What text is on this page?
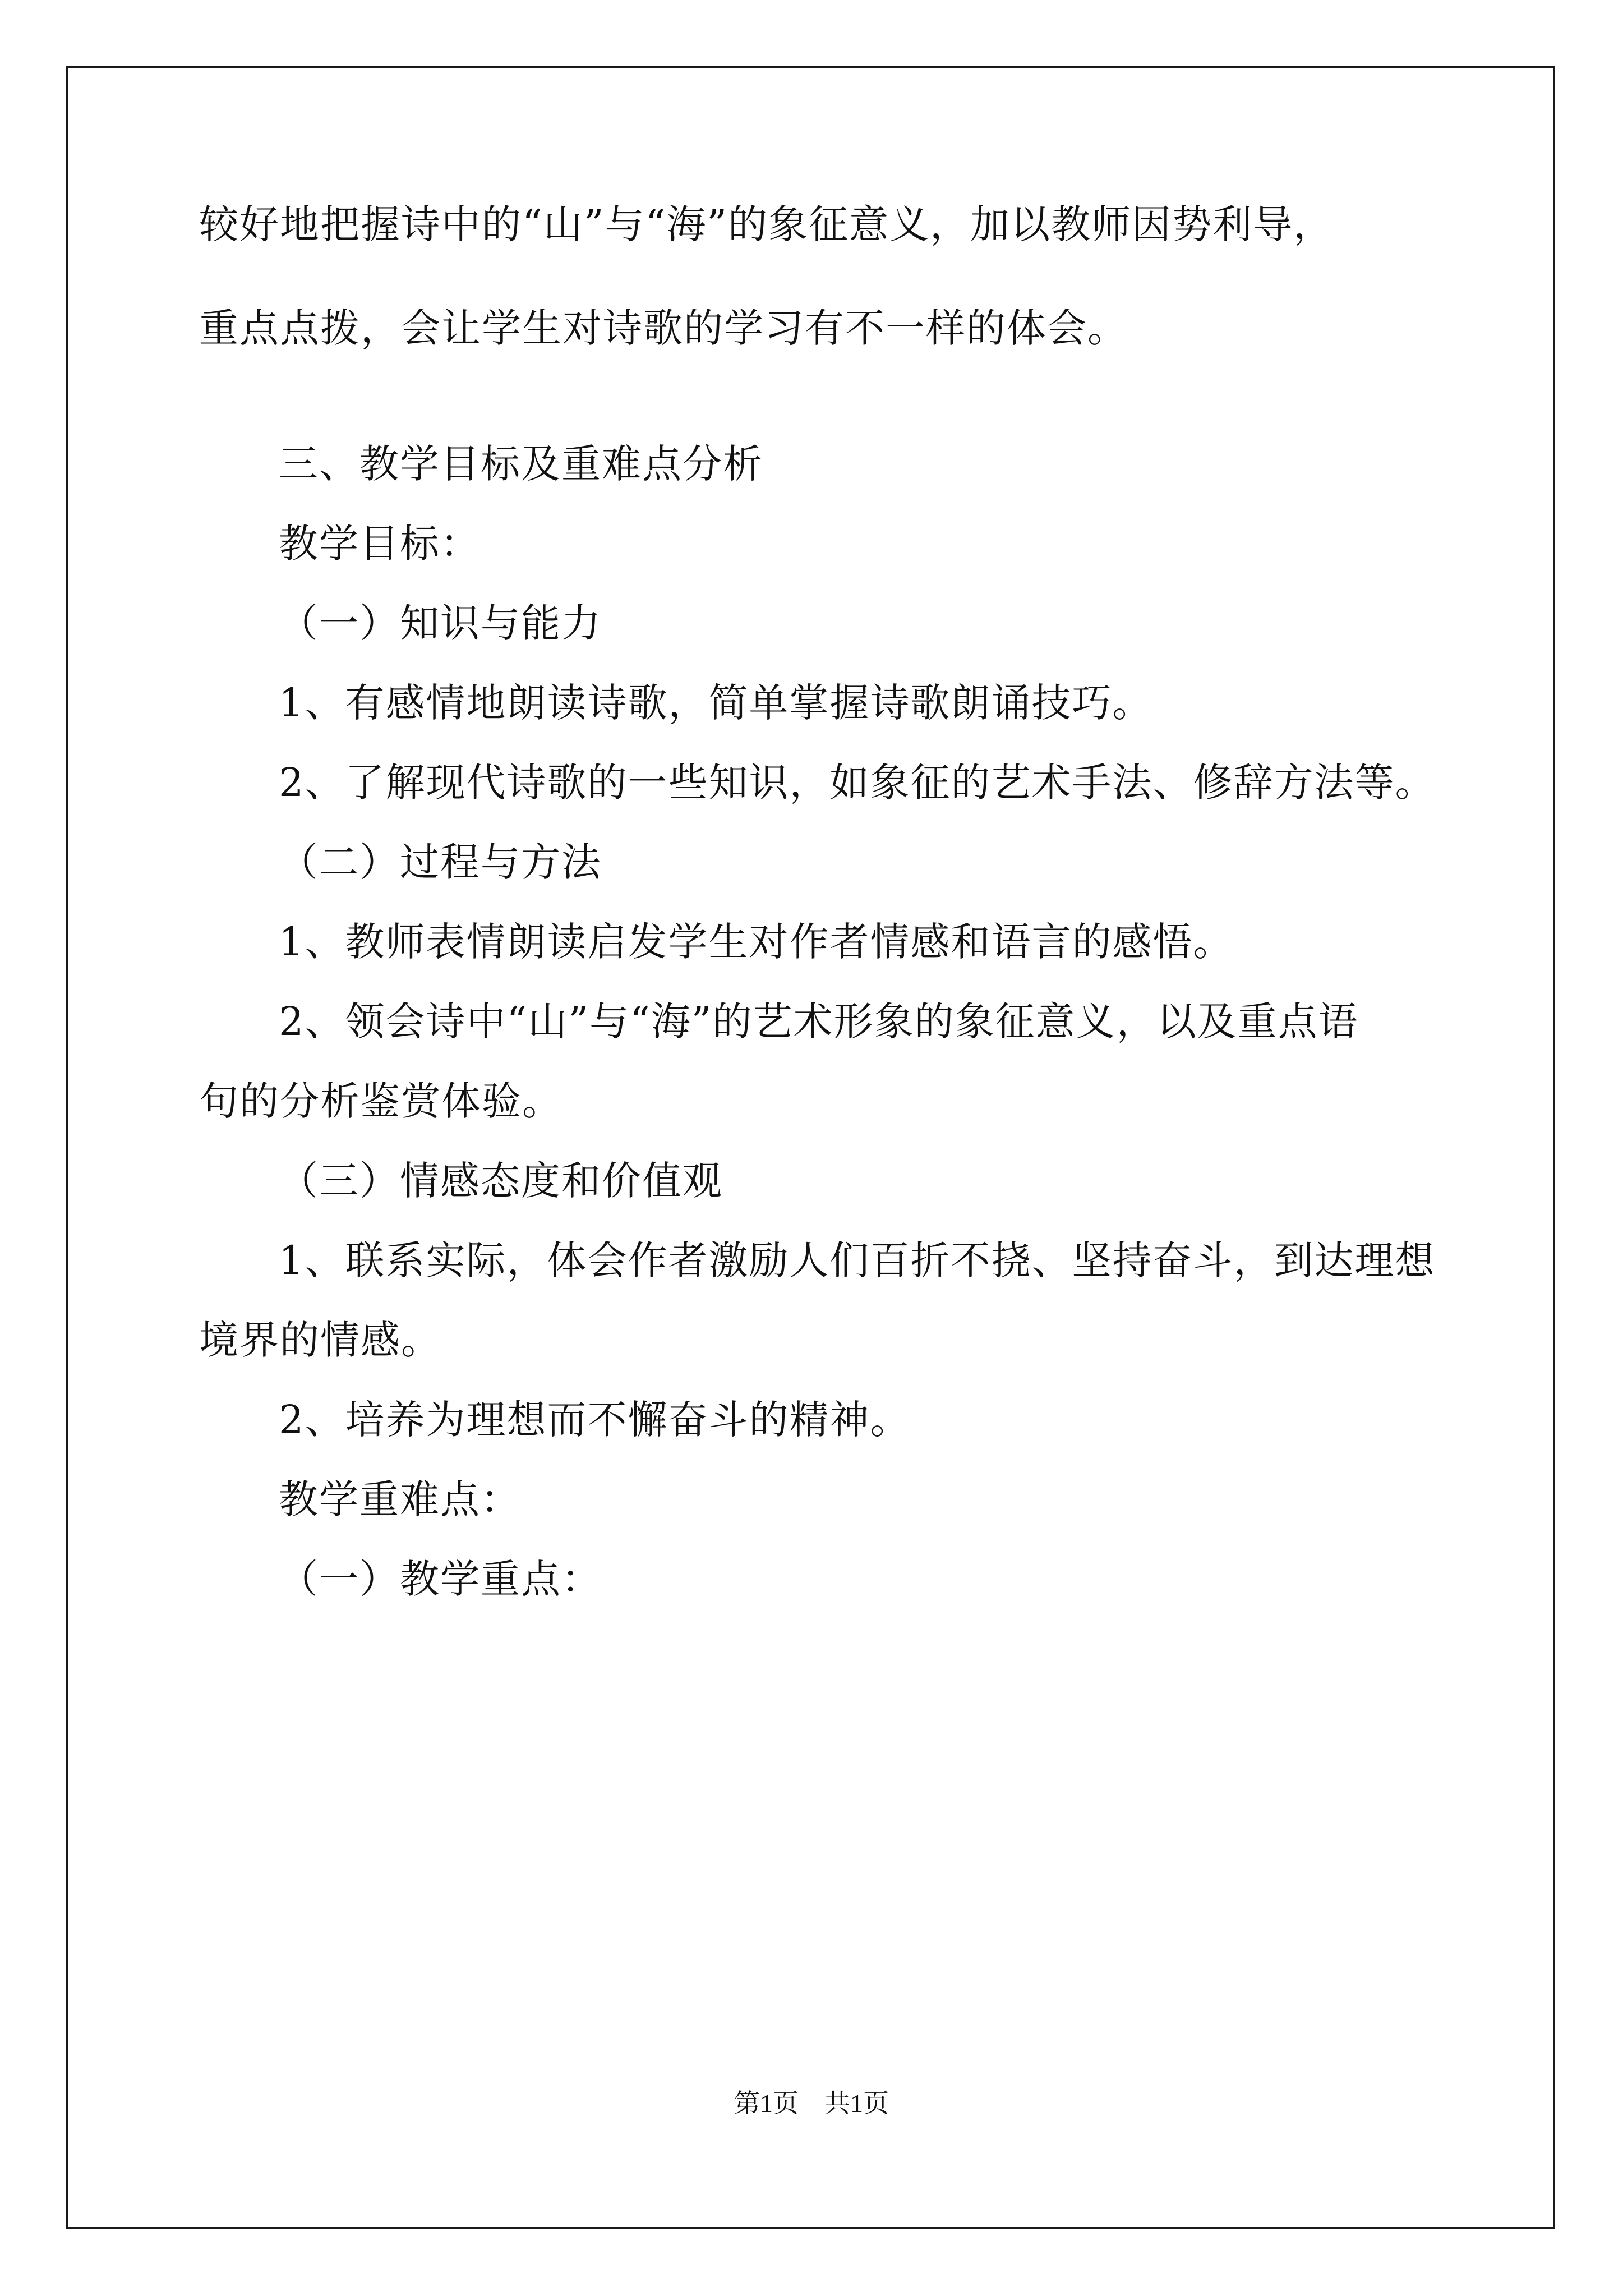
较好地把握诗中的“山”与“海”的象征意义，加以教师因势利导，
重点点拨，会让学生对诗歌的学习有不一样的体会。
三、教学目标及重难点分析
教学目标：
（一）知识与能力
1、有感情地朗读诗歌，简单掌握诗歌朗诵技巧。
2、了解现代诗歌的一些知识，如象征的艺术手法、修辞方法等。
（二）过程与方法
1、教师表情朗读启发学生对作者情感和语言的感悟。
2、领会诗中“山”与“海”的艺术形象的象征意义，以及重点语
句的分析鉴赏体验。
（三）情感态度和价值观
1、联系实际，体会作者激励人们百折不挠、坚持奋斗，到达理想
境界的情感。
2、培养为理想而不懈奋斗的精神。
教学重难点：
（一）教学重点：
第1页 共1页
